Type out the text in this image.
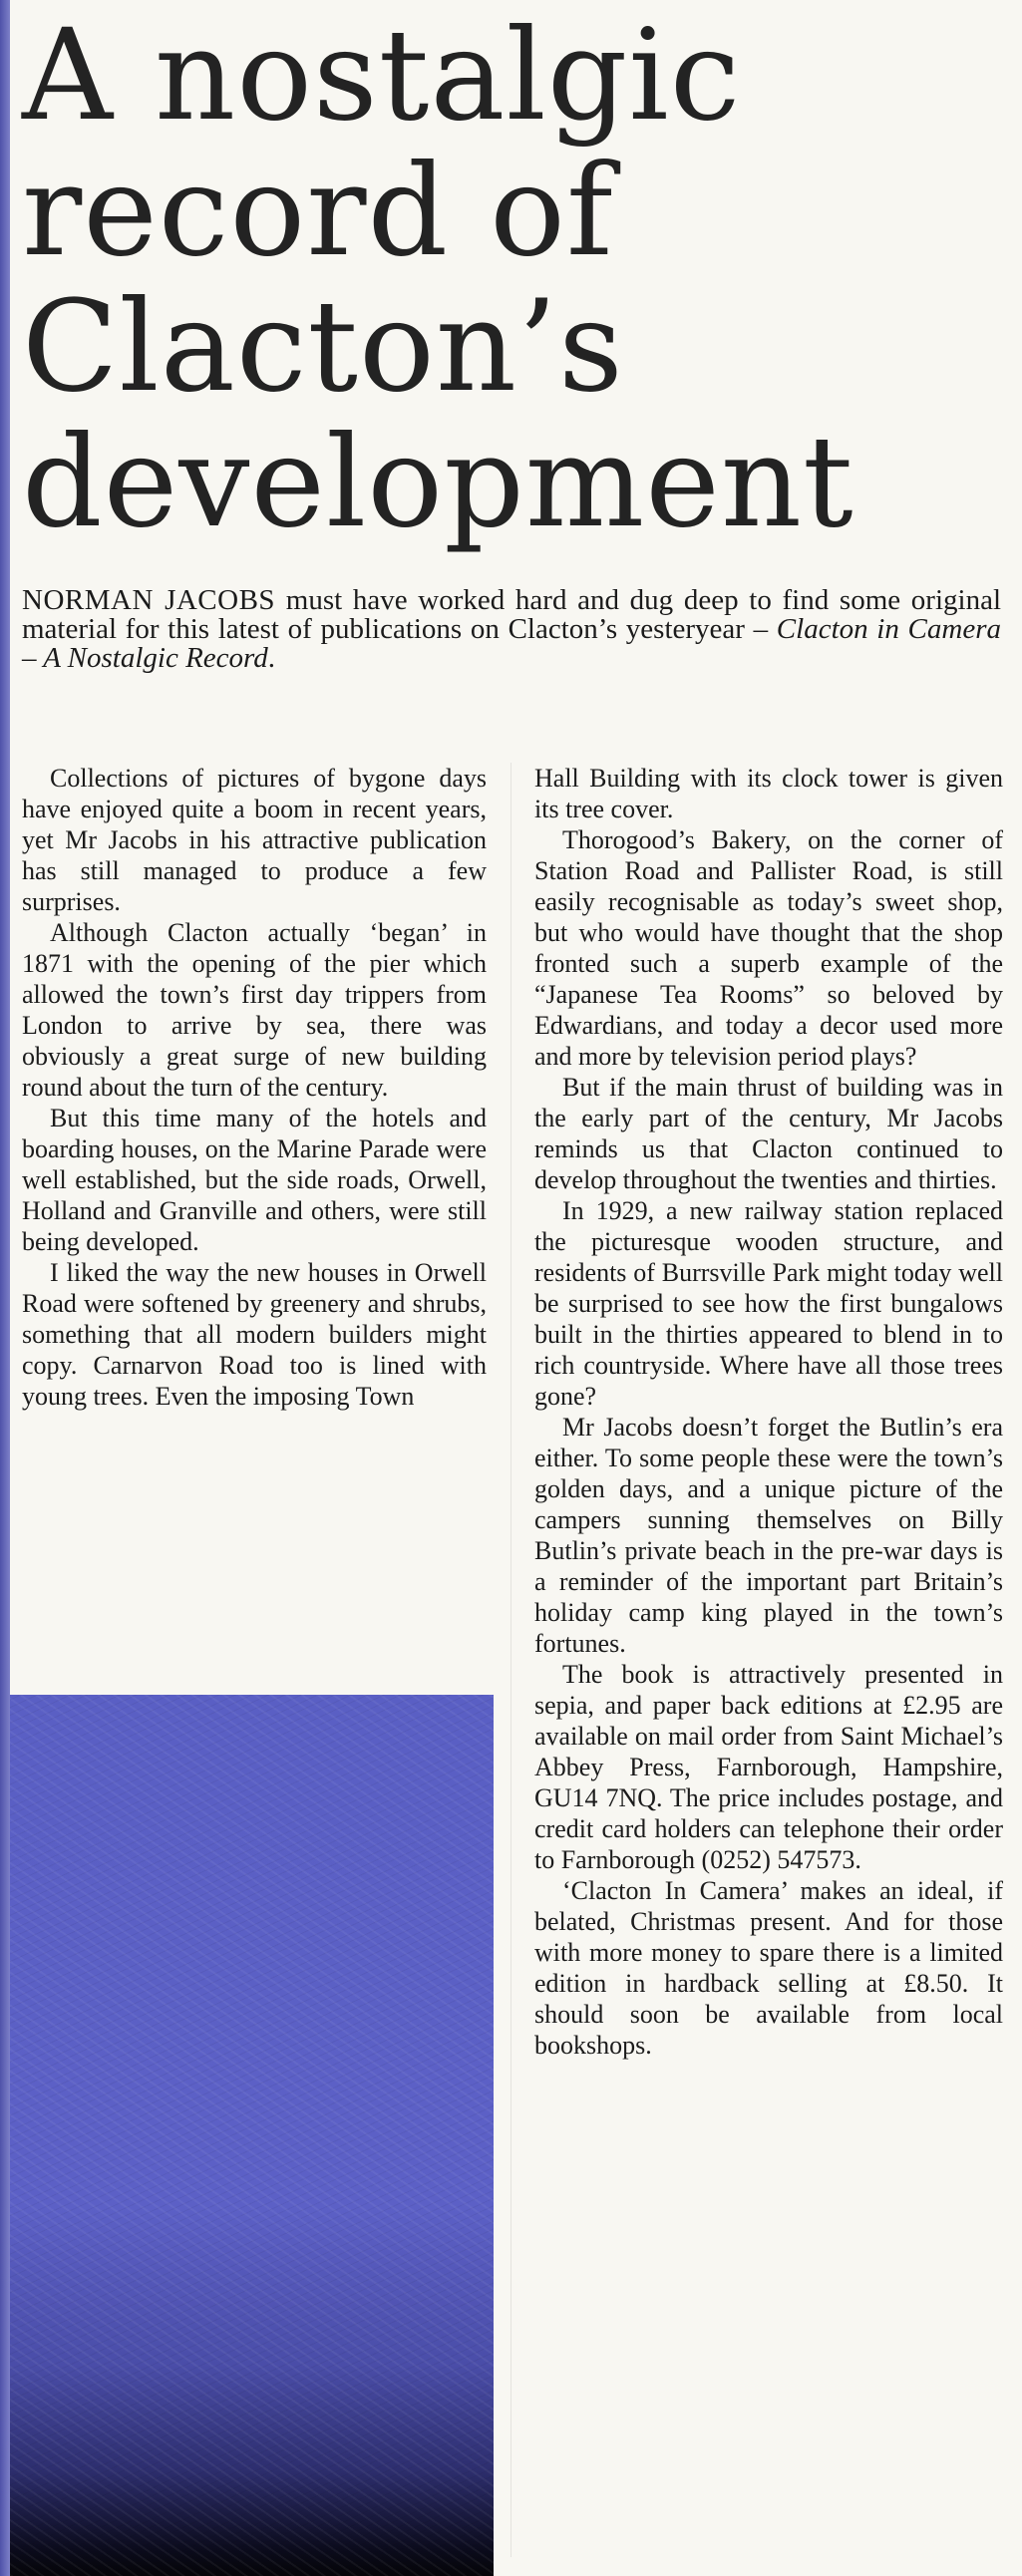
A nostalgic
record of
Clacton’s
development

NORMAN JACOBS must have worked hard and dug deep to find some original material for this latest of publications on Clacton’s yesteryear – Clacton in Camera – A Nostalgic Record.

Collections of pictures of bygone days have enjoyed quite a boom in recent years, yet Mr Jacobs in his attractive publication has still managed to produce a few surprises.

Although Clacton actually ‘began’ in 1871 with the opening of the pier which allowed the town’s first day trippers from London to arrive by sea, there was obviously a great surge of new building round about the turn of the century.

But this time many of the hotels and boarding houses, on the Marine Parade were well established, but the side roads, Orwell, Holland and Granville and others, were still being developed.

I liked the way the new houses in Orwell Road were softened by greenery and shrubs, something that all modern builders might copy. Carnarvon Road too is lined with young trees. Even the imposing Town

Hall Building with its clock tower is given its tree cover.

Thorogood’s Bakery, on the corner of Station Road and Pallister Road, is still easily recognisable as today’s sweet shop, but who would have thought that the shop fronted such a superb example of the “Japanese Tea Rooms” so beloved by Edwardians, and today a decor used more and more by television period plays?

But if the main thrust of building was in the early part of the century, Mr Jacobs reminds us that Clacton continued to develop throughout the twenties and thirties.

In 1929, a new railway station replaced the picturesque wooden structure, and residents of Burrsville Park might today well be surprised to see how the first bungalows built in the thirties appeared to blend in to rich countryside. Where have all those trees gone?

Mr Jacobs doesn’t forget the Butlin’s era either. To some people these were the town’s golden days, and a unique picture of the campers sunning themselves on Billy Butlin’s private beach in the pre-war days is a reminder of the important part Britain’s holiday camp king played in the town’s fortunes.

The book is attractively presented in sepia, and paper back editions at £2.95 are available on mail order from Saint Michael’s Abbey Press, Farnborough, Hampshire, GU14 7NQ. The price includes postage, and credit card holders can telephone their order to Farnborough (0252) 547573.

‘Clacton In Camera’ makes an ideal, if belated, Christmas present. And for those with more money to spare there is a limited edition in hardback selling at £8.50. It should soon be available from local bookshops.
